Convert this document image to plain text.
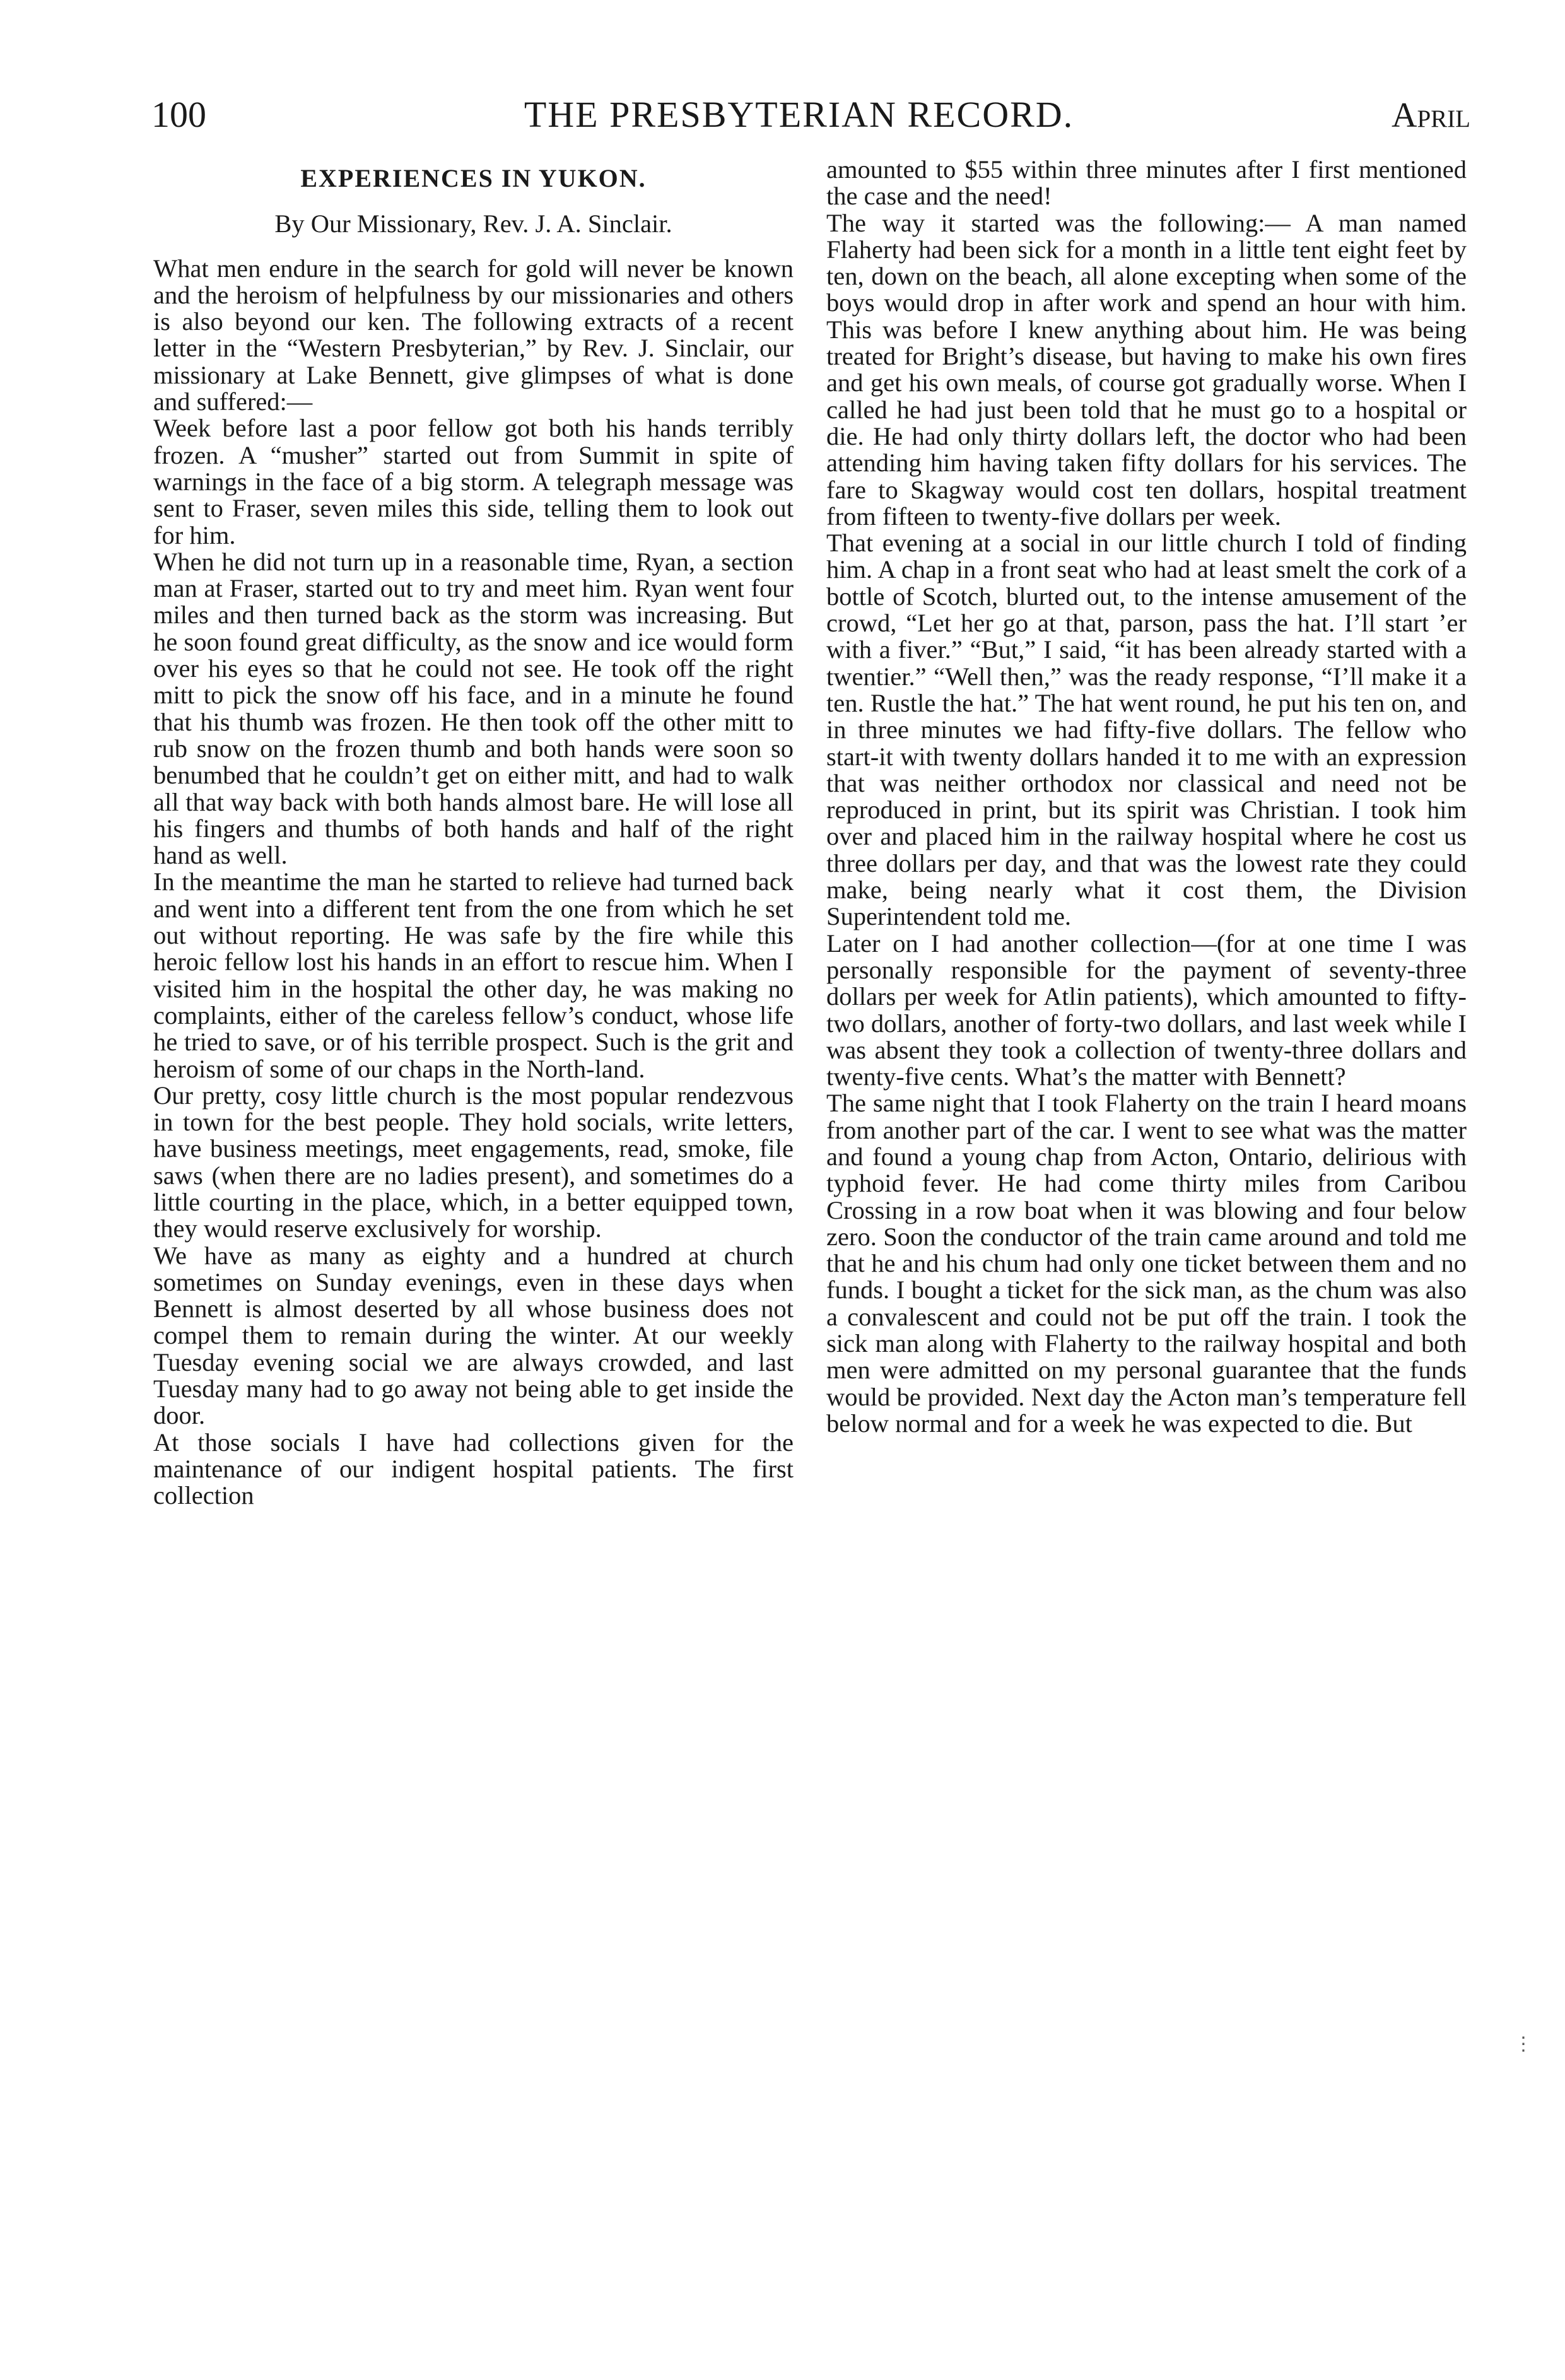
100	THE PRESBYTERIAN RECORD.	April
EXPERIENCES IN YUKON.
By Our Missionary, Rev. J. A. Sinclair.

What men endure in the search for gold will never be known and the heroism of helpfulness by our missionaries and others is also beyond our ken. The following extracts of a recent letter in the “Western Presbyterian,” by Rev. J. Sinclair, our missionary at Lake Bennett, give glimpses of what is done and suffered:—

Week before last a poor fellow got both his hands terribly frozen. A “musher” started out from Summit in spite of warnings in the face of a big storm. A telegraph message was sent to Fraser, seven miles this side, telling them to look out for him.

When he did not turn up in a reasonable time, Ryan, a section man at Fraser, started out to try and meet him. Ryan went four miles and then turned back as the storm was increasing. But he soon found great difficulty, as the snow and ice would form over his eyes so that he could not see. He took off the right mitt to pick the snow off his face, and in a minute he found that his thumb was frozen. He then took off the other mitt to rub snow on the frozen thumb and both hands were soon so benumbed that he couldn’t get on either mitt, and had to walk all that way back with both hands almost bare. He will lose all his fingers and thumbs of both hands and half of the right hand as well.

In the meantime the man he started to relieve had turned back and went into a different tent from the one from which he set out without reporting. He was safe by the fire while this heroic fellow lost his hands in an effort to rescue him. When I visited him in the hospital the other day, he was making no complaints, either of the careless fellow’s conduct, whose life he tried to save, or of his terrible prospect. Such is the grit and heroism of some of our chaps in the North-land.

Our pretty, cosy little church is the most popular rendezvous in town for the best people. They hold socials, write letters, have business meetings, meet engagements, read, smoke, file saws (when there are no ladies present), and sometimes do a little courting in the place, which, in a better equipped town, they would reserve exclusively for worship.

We have as many as eighty and a hundred at church sometimes on Sunday evenings, even in these days when Bennett is almost deserted by all whose business does not compel them to remain during the winter. At our weekly Tuesday evening social we are always crowded, and last Tuesday many had to go away not being able to get inside the door.

At those socials I have had collections given for the maintenance of our indigent hospital patients. The first collection

amounted to $55 within three minutes after I first mentioned the case and the need!

The way it started was the following:— A man named Flaherty had been sick for a month in a little tent eight feet by ten, down on the beach, all alone excepting when some of the boys would drop in after work and spend an hour with him. This was before I knew anything about him. He was being treated for Bright’s disease, but having to make his own fires and get his own meals, of course got gradually worse. When I called he had just been told that he must go to a hospital or die. He had only thirty dollars left, the doctor who had been attending him having taken fifty dollars for his services. The fare to Skagway would cost ten dollars, hospital treatment from fifteen to twenty-five dollars per week.

That evening at a social in our little church I told of finding him. A chap in a front seat who had at least smelt the cork of a bottle of Scotch, blurted out, to the intense amusement of the crowd, “Let her go at that, parson, pass the hat. I’ll start ’er with a fiver.” “But,” I said, “it has been already started with a twentier.” “Well then,” was the ready response, “I’ll make it a ten. Rustle the hat.” The hat went round, he put his ten on, and in three minutes we had fifty-five dollars. The fellow who start-it with twenty dollars handed it to me with an expression that was neither orthodox nor classical and need not be reproduced in print, but its spirit was Christian. I took him over and placed him in the railway hospital where he cost us three dollars per day, and that was the lowest rate they could make, being nearly what it cost them, the Division Superintendent told me.

Later on I had another collection—(for at one time I was personally responsible for the payment of seventy-three dollars per week for Atlin patients), which amounted to fifty-two dollars, another of forty-two dollars, and last week while I was absent they took a collection of twenty-three dollars and twenty-five cents. What’s the matter with Bennett?

The same night that I took Flaherty on the train I heard moans from another part of the car. I went to see what was the matter and found a young chap from Acton, Ontario, delirious with typhoid fever. He had come thirty miles from Caribou Crossing in a row boat when it was blowing and four below zero. Soon the conductor of the train came around and told me that he and his chum had only one ticket between them and no funds. I bought a ticket for the sick man, as the chum was also a convalescent and could not be put off the train. I took the sick man along with Flaherty to the railway hospital and both men were admitted on my personal guarantee that the funds would be provided. Next day the Acton man’s temperature fell below normal and for a week he was expected to die. But

⋮
